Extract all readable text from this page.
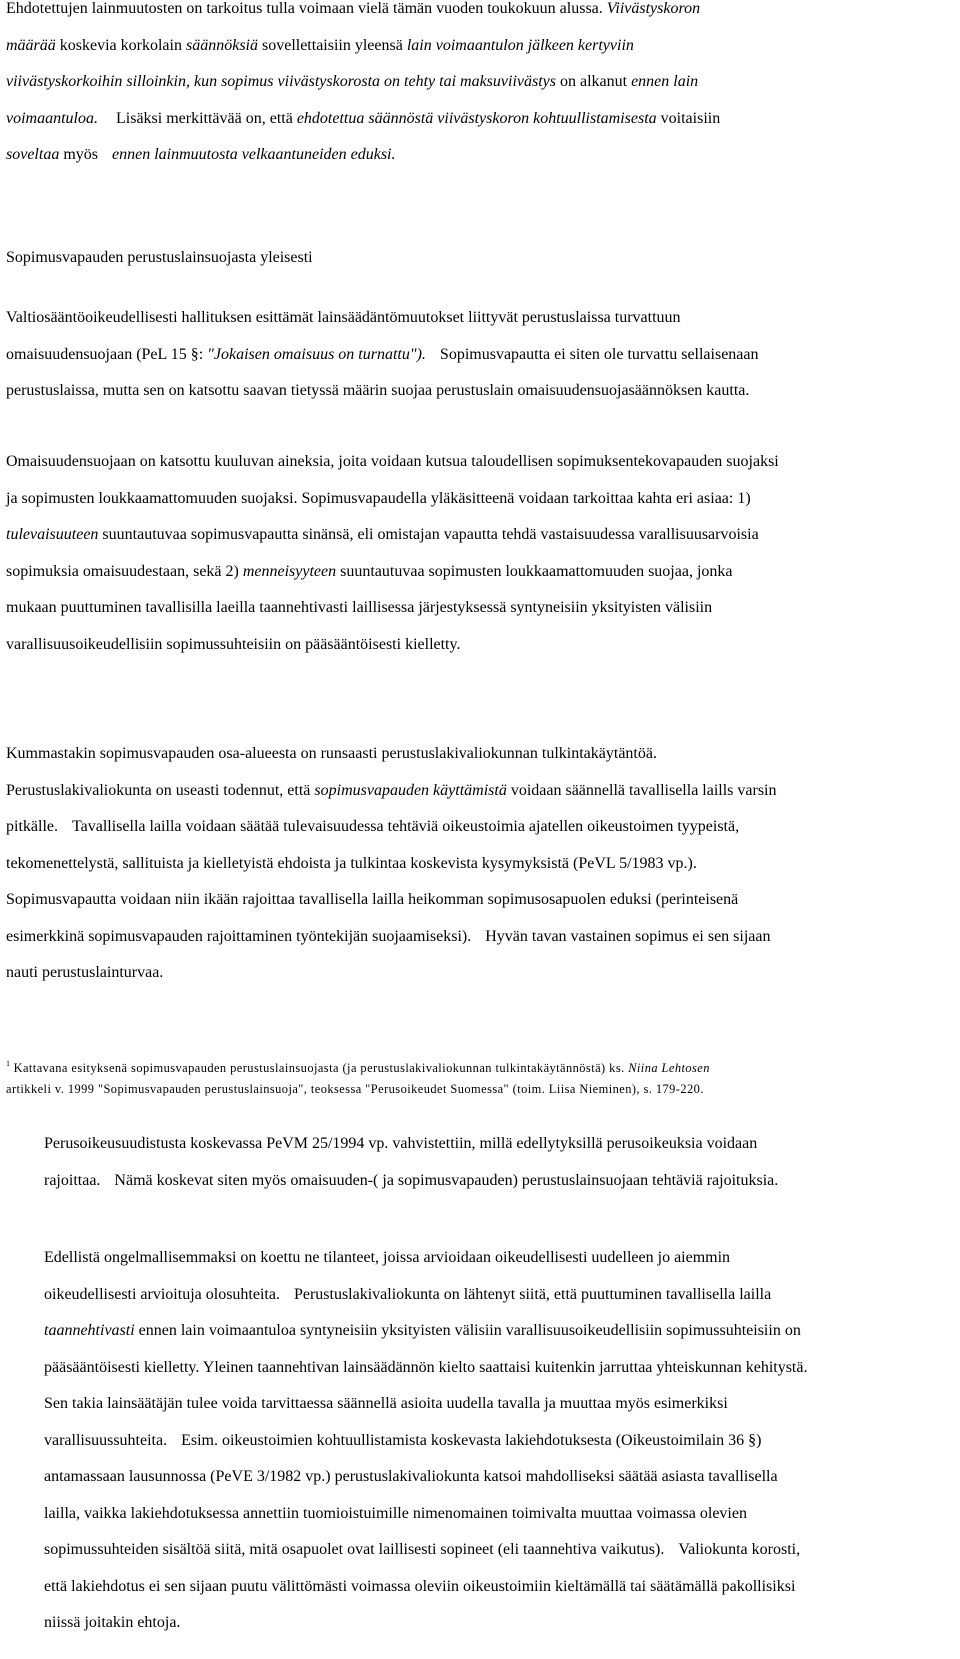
Ehdotettujen lainmuutosten on tarkoitus tulla voimaan vielä tämän vuoden toukokuun alussa. Viivästyskoron
määrää koskevia korkolain säännöksiä sovellettaisiin yleensä lain voimaantulon jälkeen kertyviin
viivästyskorkoihin silloinkin, kun sopimus viivästyskorosta on tehty tai maksuviivästys on alkanut ennen lain
voimaantuloa. Lisäksi merkittävää on, että ehdotettua säännöstä viivästyskoron kohtuullistamisesta voitaisiin
soveltaa myös ennen lainmuutosta velkaantuneiden eduksi.

Sopimusvapauden perustuslainsuojasta yleisesti

Valtiosääntöoikeudellisesti hallituksen esittämät lainsäädäntömuutokset liittyvät perustuslaissa turvattuun
omaisuudensuojaan (PeL 15 §: "Jokaisen omaisuus on turnattu"). Sopimusvapautta ei siten ole turvattu sellaisenaan
perustuslaissa, mutta sen on katsottu saavan tietyssä määrin suojaa perustuslain omaisuudensuojasäännöksen kautta.

Omaisuudensuojaan on katsottu kuuluvan aineksia, joita voidaan kutsua taloudellisen sopimuksentekovapauden suojaksi
ja sopimusten loukkaamattomuuden suojaksi. Sopimusvapaudella yläkäsitteenä voidaan tarkoittaa kahta eri asiaa: 1)
tulevaisuuteen suuntautuvaa sopimusvapautta sinänsä, eli omistajan vapautta tehdä vastaisuudessa varallisuusarvoisia
sopimuksia omaisuudestaan, sekä 2) menneisyyteen suuntautuvaa sopimusten loukkaamattomuuden suojaa, jonka
mukaan puuttuminen tavallisilla laeilla taannehtivasti laillisessa järjestyksessä syntyneisiin yksityisten välisiin
varallisuusoikeudellisiin sopimussuhteisiin on pääsääntöisesti kielletty.

Kummastakin sopimusvapauden osa-alueesta on runsaasti perustuslakivaliokunnan tulkintakäytäntöä.
Perustuslakivaliokunta on useasti todennut, että sopimusvapauden käyttämistä voidaan säännellä tavallisella laills varsin
pitkälle. Tavallisella lailla voidaan säätää tulevaisuudessa tehtäviä oikeustoimia ajatellen oikeustoimen tyypeistä,
tekomenettelystä, sallituista ja kielletyistä ehdoista ja tulkintaa koskevista kysymyksistä (PeVL 5/1983 vp.).
Sopimusvapautta voidaan niin ikään rajoittaa tavallisella lailla heikomman sopimusosapuolen eduksi (perinteisenä
esimerkkinä sopimusvapauden rajoittaminen työntekijän suojaamiseksi). Hyvän tavan vastainen sopimus ei sen sijaan
nauti perustuslainturvaa.

$^1$ Kattavana esityksenä sopimusvapauden perustuslainsuojasta (ja perustuslakivaliokunnan tulkintakäytännöstä) ks. Niina Lehtosen
artikkeli v. 1999 "Sopimusvapauden perustuslainsuoja", teoksessa "Perusoikeudet Suomessa" (toim. Liisa Nieminen), s. 179-220.

Perusoikeusuudistusta koskevassa PeVM 25/1994 vp. vahvistettiin, millä edellytyksillä perusoikeuksia voidaan
rajoittaa. Nämä koskevat siten myös omaisuuden-( ja sopimusvapauden) perustuslainsuojaan tehtäviä rajoituksia.

Edellistä ongelmallisemmaksi on koettu ne tilanteet, joissa arvioidaan oikeudellisesti uudelleen jo aiemmin
oikeudellisesti arvioituja olosuhteita. Perustuslakivaliokunta on lähtenyt siitä, että puuttuminen tavallisella lailla
taannehtivasti ennen lain voimaantuloa syntyneisiin yksityisten välisiin varallisuusoikeudellisiin sopimussuhteisiin on
pääsääntöisesti kielletty. Yleinen taannehtivan lainsäädännön kielto saattaisi kuitenkin jarruttaa yhteiskunnan kehitystä.
Sen takia lainsäätäjän tulee voida tarvittaessa säännellä asioita uudella tavalla ja muuttaa myös esimerkiksi
varallisuussuhteita. Esim. oikeustoimien kohtuullistamista koskevasta lakiehdotuksesta (Oikeustoimilain 36 §)
antamassaan lausunnossa (PeVE 3/1982 vp.) perustuslakivaliokunta katsoi mahdolliseksi säätää asiasta tavallisella
lailla, vaikka lakiehdotuksessa annettiin tuomioistuimille nimenomainen toimivalta muuttaa voimassa olevien
sopimussuhteiden sisältöä siitä, mitä osapuolet ovat laillisesti sopineet (eli taannehtiva vaikutus). Valiokunta korosti,
että lakiehdotus ei sen sijaan puutu välittömästi voimassa oleviin oikeustoimiin kieltämällä tai säätämällä pakollisiksi
niissä joitakin ehtoja.
